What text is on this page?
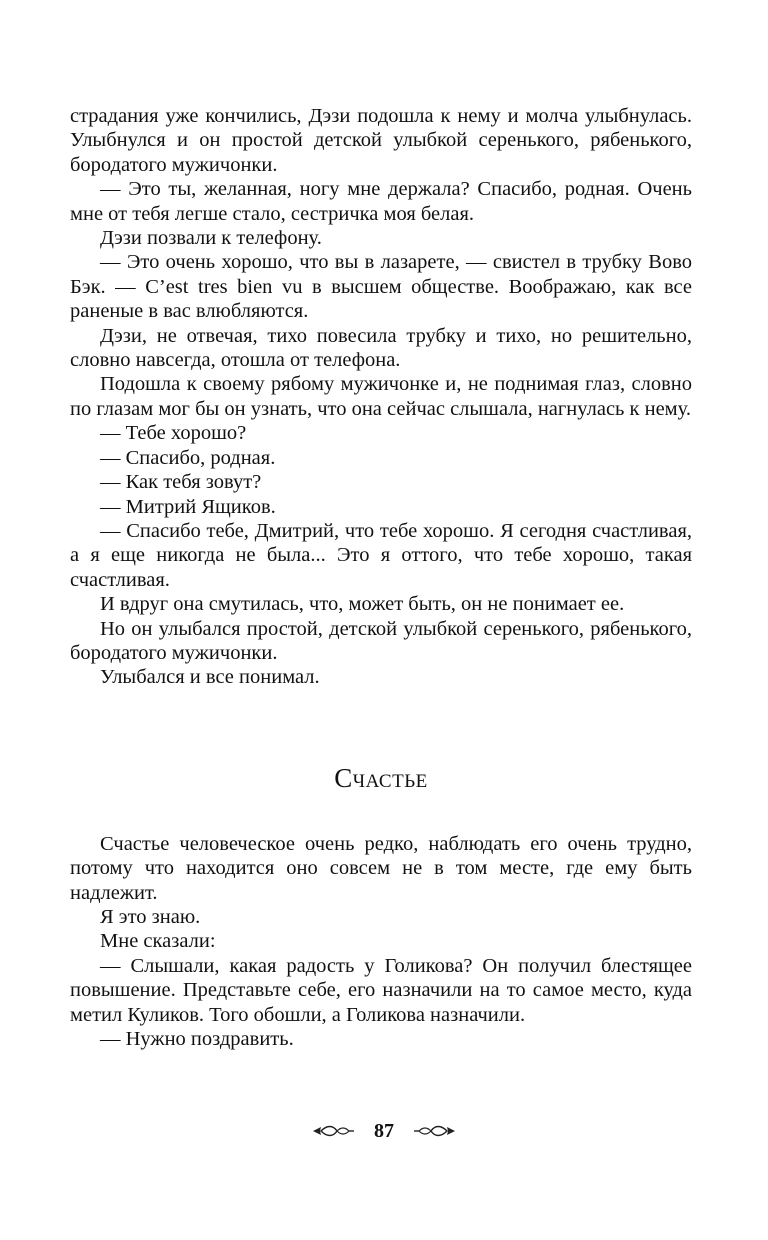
страдания уже кончились, Дэзи подошла к нему и молча улыбнулась. Улыбнулся и он простой детской улыбкой серенького, рябенького, бородатого мужичонки.

— Это ты, желанная, ногу мне держала? Спасибо, родная. Очень мне от тебя легше стало, сестричка моя белая.

Дэзи позвали к телефону.

— Это очень хорошо, что вы в лазарете, — свистел в трубку Вово Бэк. — C’est tres bien vu в высшем обществе. Воображаю, как все раненые в вас влюбляются.

Дэзи, не отвечая, тихо повесила трубку и тихо, но решительно, словно навсегда, отошла от телефона.

Подошла к своему рябому мужичонке и, не поднимая глаз, словно по глазам мог бы он узнать, что она сейчас слышала, нагнулась к нему.

— Тебе хорошо?

— Спасибо, родная.

— Как тебя зовут?

— Митрий Ящиков.

— Спасибо тебе, Дмитрий, что тебе хорошо. Я сегодня счастливая, а я еще никогда не была... Это я оттого, что тебе хорошо, такая счастливая.

И вдруг она смутилась, что, может быть, он не понимает ее.

Но он улыбался простой, детской улыбкой серенького, рябенького, бородатого мужичонки.

Улыбался и все понимал.

Счастье

Счастье человеческое очень редко, наблюдать его очень трудно, потому что находится оно совсем не в том месте, где ему быть надлежит.

Я это знаю.

Мне сказали:

— Слышали, какая радость у Голикова? Он получил блестящее повышение. Представьте себе, его назначили на то самое место, куда метил Куликов. Того обошли, а Голикова назначили.

— Нужно поздравить.

87
